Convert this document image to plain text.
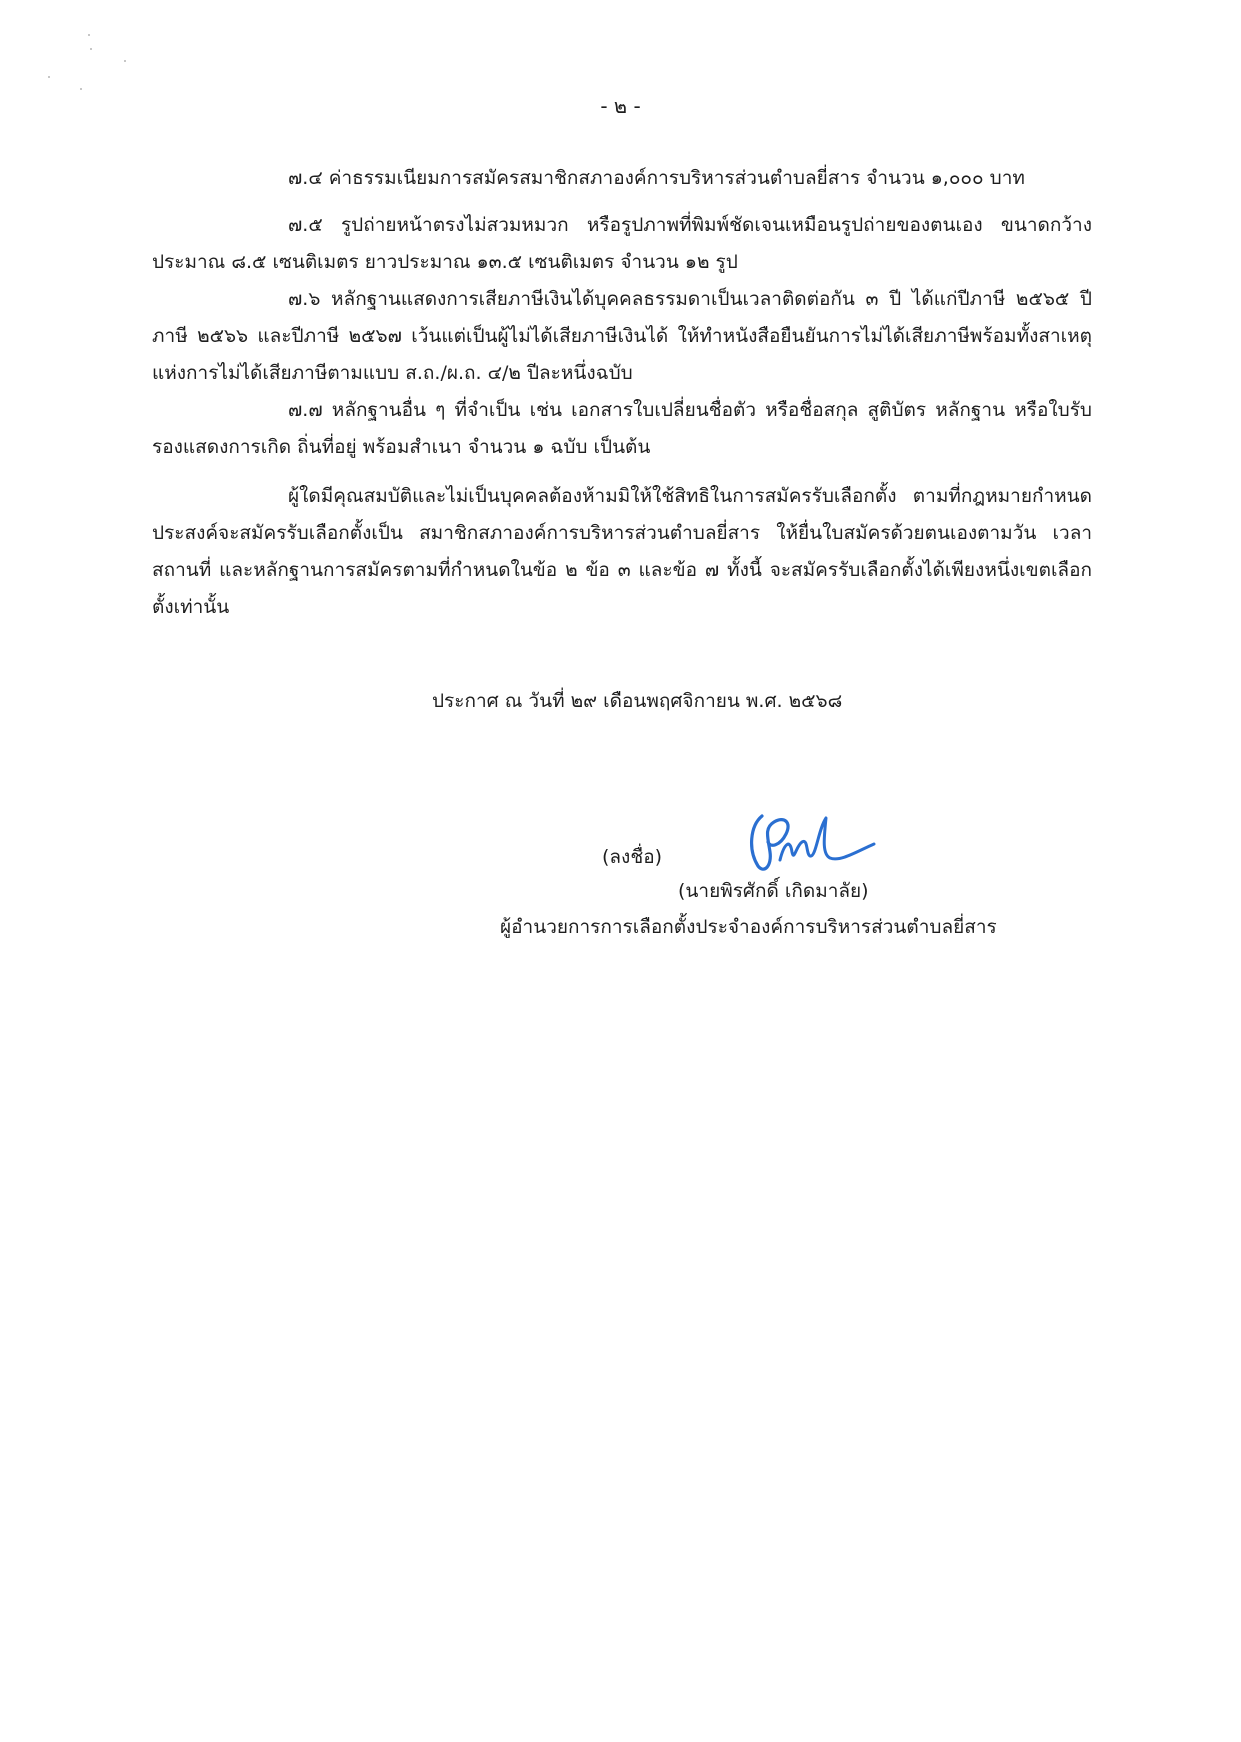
- ๒ -

๗.๔ ค่าธรรมเนียมการสมัครสมาชิกสภาองค์การบริหารส่วนตำบลยี่สาร จำนวน ๑,๐๐๐ บาท

๗.๕ รูปถ่ายหน้าตรงไม่สวมหมวก หรือรูปภาพที่พิมพ์ชัดเจนเหมือนรูปถ่ายของตนเอง ขนาดกว้างประมาณ ๘.๕ เซนติเมตร ยาวประมาณ ๑๓.๕ เซนติเมตร จำนวน ๑๒ รูป

๗.๖ หลักฐานแสดงการเสียภาษีเงินได้บุคคลธรรมดาเป็นเวลาติดต่อกัน ๓ ปี ได้แก่ปีภาษี ๒๕๖๕ ปีภาษี ๒๕๖๖ และปีภาษี ๒๕๖๗ เว้นแต่เป็นผู้ไม่ได้เสียภาษีเงินได้ ให้ทำหนังสือยืนยันการไม่ได้เสียภาษีพร้อมทั้งสาเหตุแห่งการไม่ได้เสียภาษีตามแบบ ส.ถ./ผ.ถ. ๔/๒ ปีละหนึ่งฉบับ

๗.๗ หลักฐานอื่น ๆ ที่จำเป็น เช่น เอกสารใบเปลี่ยนชื่อตัว หรือชื่อสกุล สูติบัตร หลักฐาน หรือใบรับรองแสดงการเกิด ถิ่นที่อยู่ พร้อมสำเนา จำนวน ๑ ฉบับ เป็นต้น

ผู้ใดมีคุณสมบัติและไม่เป็นบุคคลต้องห้ามมิให้ใช้สิทธิในการสมัครรับเลือกตั้ง ตามที่กฎหมายกำหนด ประสงค์จะสมัครรับเลือกตั้งเป็น สมาชิกสภาองค์การบริหารส่วนตำบลยี่สาร ให้ยื่นใบสมัครด้วยตนเองตามวัน เวลา สถานที่ และหลักฐานการสมัครตามที่กำหนดในข้อ ๒ ข้อ ๓ และข้อ ๗ ทั้งนี้ จะสมัครรับเลือกตั้งได้เพียงหนึ่งเขตเลือกตั้งเท่านั้น

ประกาศ ณ วันที่ ๒๙ เดือนพฤศจิกายน พ.ศ. ๒๕๖๘
(ลงชื่อ)
(นายพิรศักดิ์ เกิดมาลัย)
ผู้อำนวยการการเลือกตั้งประจำองค์การบริหารส่วนตำบลยี่สาร
